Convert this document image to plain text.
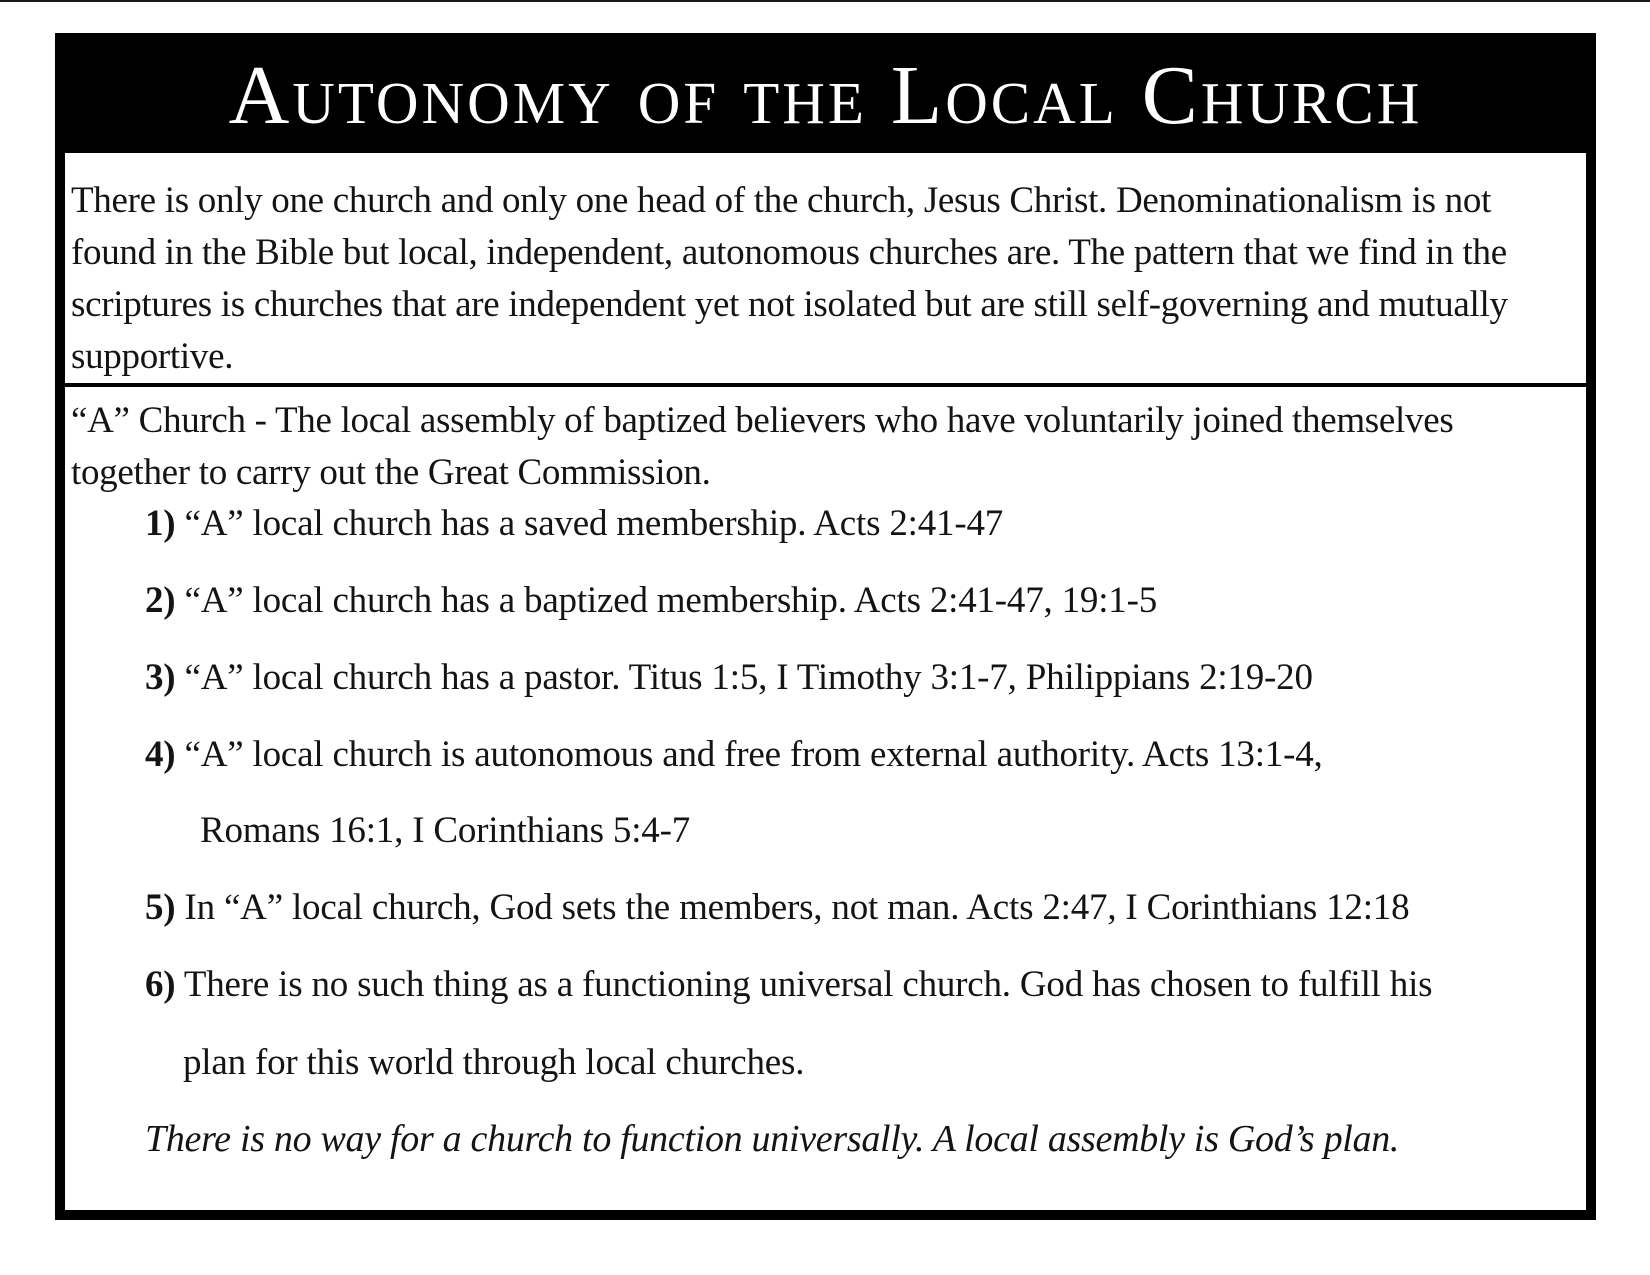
Autonomy of the Local Church

There is only one church and only one head of the church, Jesus Christ. Denominationalism is not found in the Bible but local, independent, autonomous churches are. The pattern that we find in the scriptures is churches that are independent yet not isolated but are still self-governing and mutually supportive.

“A” Church - The local assembly of baptized believers who have voluntarily joined themselves together to carry out the Great Commission.

1) “A” local church has a saved membership. Acts 2:41-47

2) “A” local church has a baptized membership. Acts 2:41-47, 19:1-5

3) “A” local church has a pastor. Titus 1:5, I Timothy 3:1-7, Philippians 2:19-20

4) “A” local church is autonomous and free from external authority. Acts 13:1-4,

Romans 16:1, I Corinthians 5:4-7

5) In “A” local church, God sets the members, not man. Acts 2:47, I Corinthians 12:18

6) There is no such thing as a functioning universal church. God has chosen to fulfill his

plan for this world through local churches.

There is no way for a church to function universally. A local assembly is God’s plan.
